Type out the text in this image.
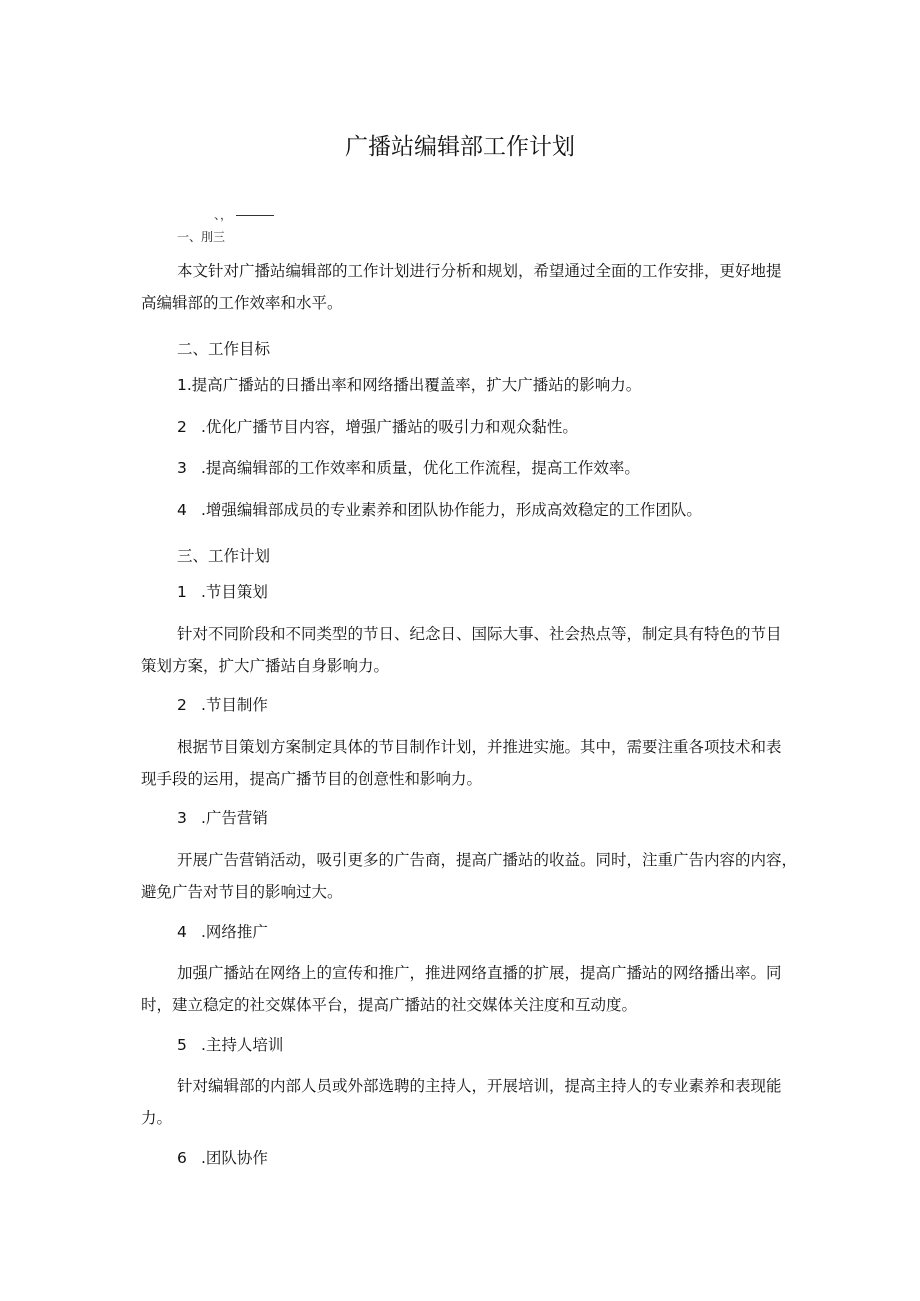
广播站编辑部工作计划
、，
一、刖三
本文针对广播站编辑部的工作计划进行分析和规划，希望通过全面的工作安排，更好地提
高编辑部的工作效率和水平。
二、工作目标
1.提高广播站的日播出率和网络播出覆盖率，扩大广播站的影响力。
2 .优化广播节目内容，增强广播站的吸引力和观众黏性。
3 .提高编辑部的工作效率和质量，优化工作流程，提高工作效率。
4 .增强编辑部成员的专业素养和团队协作能力，形成高效稳定的工作团队。
三、工作计划
1 .节目策划
针对不同阶段和不同类型的节日、纪念日、国际大事、社会热点等，制定具有特色的节目
策划方案，扩大广播站自身影响力。
2 .节目制作
根据节目策划方案制定具体的节目制作计划，并推进实施。其中，需要注重各项技术和表
现手段的运用，提高广播节目的创意性和影响力。
3 .广告营销
开展广告营销活动，吸引更多的广告商，提高广播站的收益。同时，注重广告内容的内容，
避免广告对节目的影响过大。
4 .网络推广
加强广播站在网络上的宣传和推广，推进网络直播的扩展，提高广播站的网络播出率。同
时，建立稳定的社交媒体平台，提高广播站的社交媒体关注度和互动度。
5 .主持人培训
针对编辑部的内部人员或外部选聘的主持人，开展培训，提高主持人的专业素养和表现能
力。
6 .团队协作
